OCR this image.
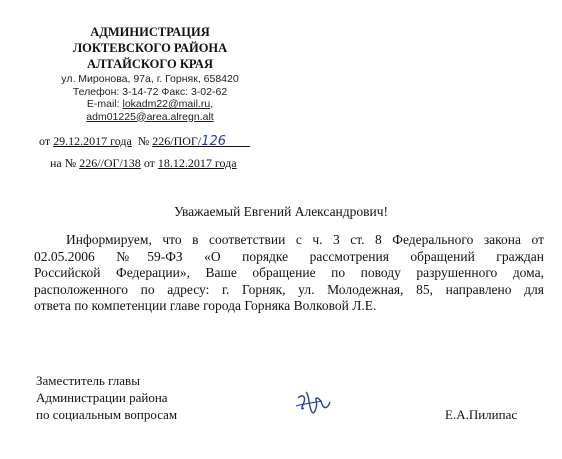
АДМИНИСТРАЦИЯ
ЛОКТЕВСКОГО РАЙОНА
АЛТАЙСКОГО КРАЯ
ул. Миронова, 97а, г. Горняк, 658420
Телефон: 3-14-72 Факс: 3-02-62
E-mail: lokadm22@mail.ru,
adm01225@area.alregn.alt
от 29.12.2017 года № 226/ПОГ/126
на № 226//ОГ/138 от 18.12.2017 года
Уважаемый Евгений Александрович!
Информируем, что в соответствии с ч. 3 ст. 8 Федерального закона от
02.05.2006 №59-ФЗ «О порядке рассмотрения обращений граждан
Российской Федерации», Ваше обращение по поводу разрушенного дома,
расположенного по адресу: г. Горняк, ул. Молодежная, 85, направлено для
ответа по компетенции главе города Горняка Волковой Л.Е.
Заместитель главы
Администрации района
по социальным вопросам	Е.А.Пилипас
